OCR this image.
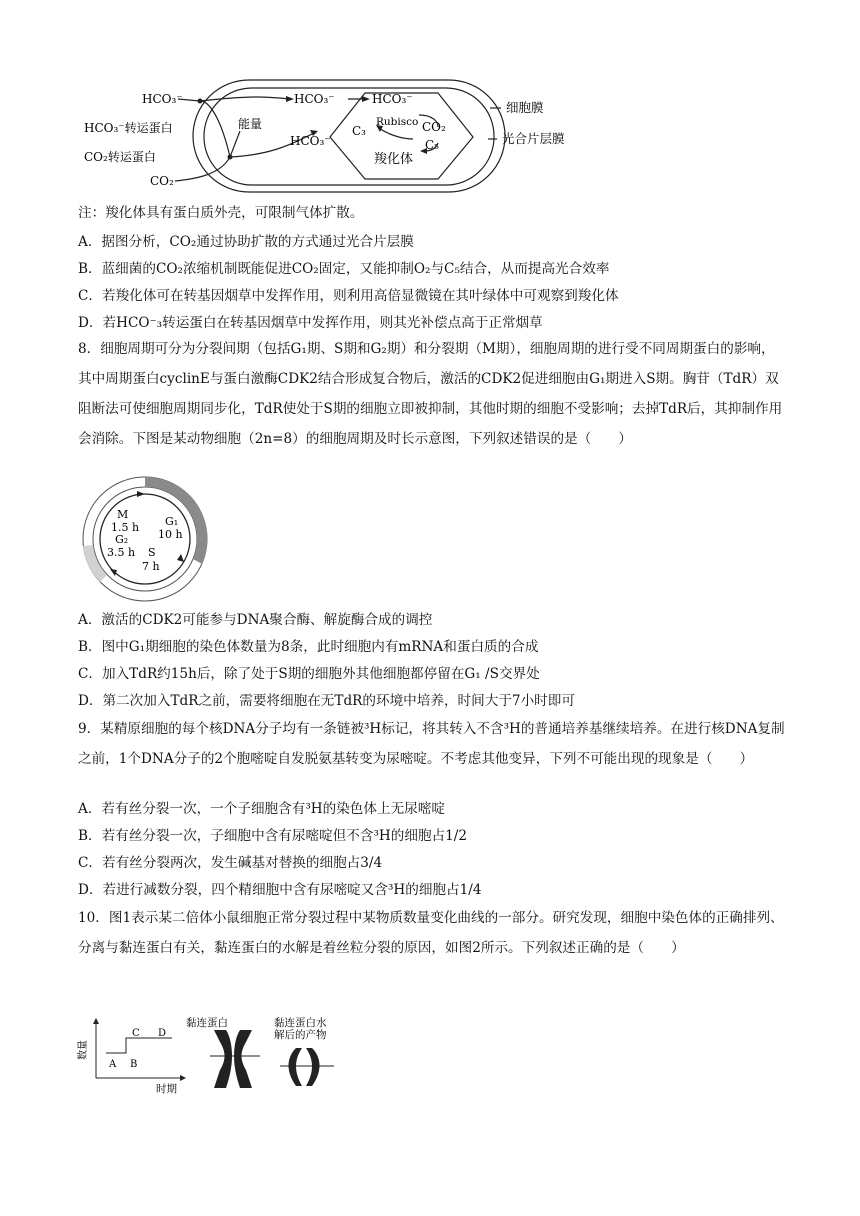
HCO₃⁻
HCO₃⁻转运蛋白
CO₂转运蛋白
CO₂
能量
HCO₃⁻
HCO₃⁻
HCO₃⁻
Rubisco
C₃	CO₂
C₅
羧化体
细胞膜
光合片层膜
注：羧化体具有蛋白质外壳，可限制气体扩散。
A．据图分析，CO₂通过协助扩散的方式通过光合片层膜
B．蓝细菌的CO₂浓缩机制既能促进CO₂固定，又能抑制O₂与C₅结合，从而提高光合效率
C．若羧化体可在转基因烟草中发挥作用，则利用高倍显微镜在其叶绿体中可观察到羧化体
D．若HCO⁻₃转运蛋白在转基因烟草中发挥作用，则其光补偿点高于正常烟草
8．细胞周期可分为分裂间期（包括G₁期、S期和G₂期）和分裂期（M期），细胞周期的进行受不同周期蛋白的影响，其中周期蛋白cyclinE与蛋白激酶CDK2结合形成复合物后，激活的CDK2促进细胞由G₁期进入S期。胸苷（TdR）双阻断法可使细胞周期同步化，TdR使处于S期的细胞立即被抑制，其他时期的细胞不受影响；去掉TdR后，其抑制作用会消除。下图是某动物细胞（2n=8）的细胞周期及时长示意图，下列叙述错误的是（　　）
M
1.5 h G₁
10 h
G₂
3.5 h S
7 h
A．激活的CDK2可能参与DNA聚合酶、解旋酶合成的调控
B．图中G₁期细胞的染色体数量为8条，此时细胞内有mRNA和蛋白质的合成
C．加入TdR约15h后，除了处于S期的细胞外其他细胞都停留在G₁ /S交界处
D．第二次加入TdR之前，需要将细胞在无TdR的环境中培养，时间大于7小时即可
9．某精原细胞的每个核DNA分子均有一条链被³H标记，将其转入不含³H的普通培养基继续培养。在进行核DNA复制之前，1个DNA分子的2个胞嘧啶自发脱氨基转变为尿嘧啶。不考虑其他变异，下列不可能出现的现象是（　　）
A．若有丝分裂一次，一个子细胞含有³H的染色体上无尿嘧啶
B．若有丝分裂一次，子细胞中含有尿嘧啶但不含³H的细胞占1/2
C．若有丝分裂两次，发生碱基对替换的细胞占3/4
D．若进行减数分裂，四个精细胞中含有尿嘧啶又含³H的细胞占1/4
10．图1表示某二倍体小鼠细胞正常分裂过程中某物质数量变化曲线的一部分。研究发现，细胞中染色体的正确排列、分离与黏连蛋白有关，黏连蛋白的水解是着丝粒分裂的原因，如图2所示。下列叙述正确的是（　　）
数量
时期
A B
C D
黏连蛋白	黏连蛋白水
解后的产物
